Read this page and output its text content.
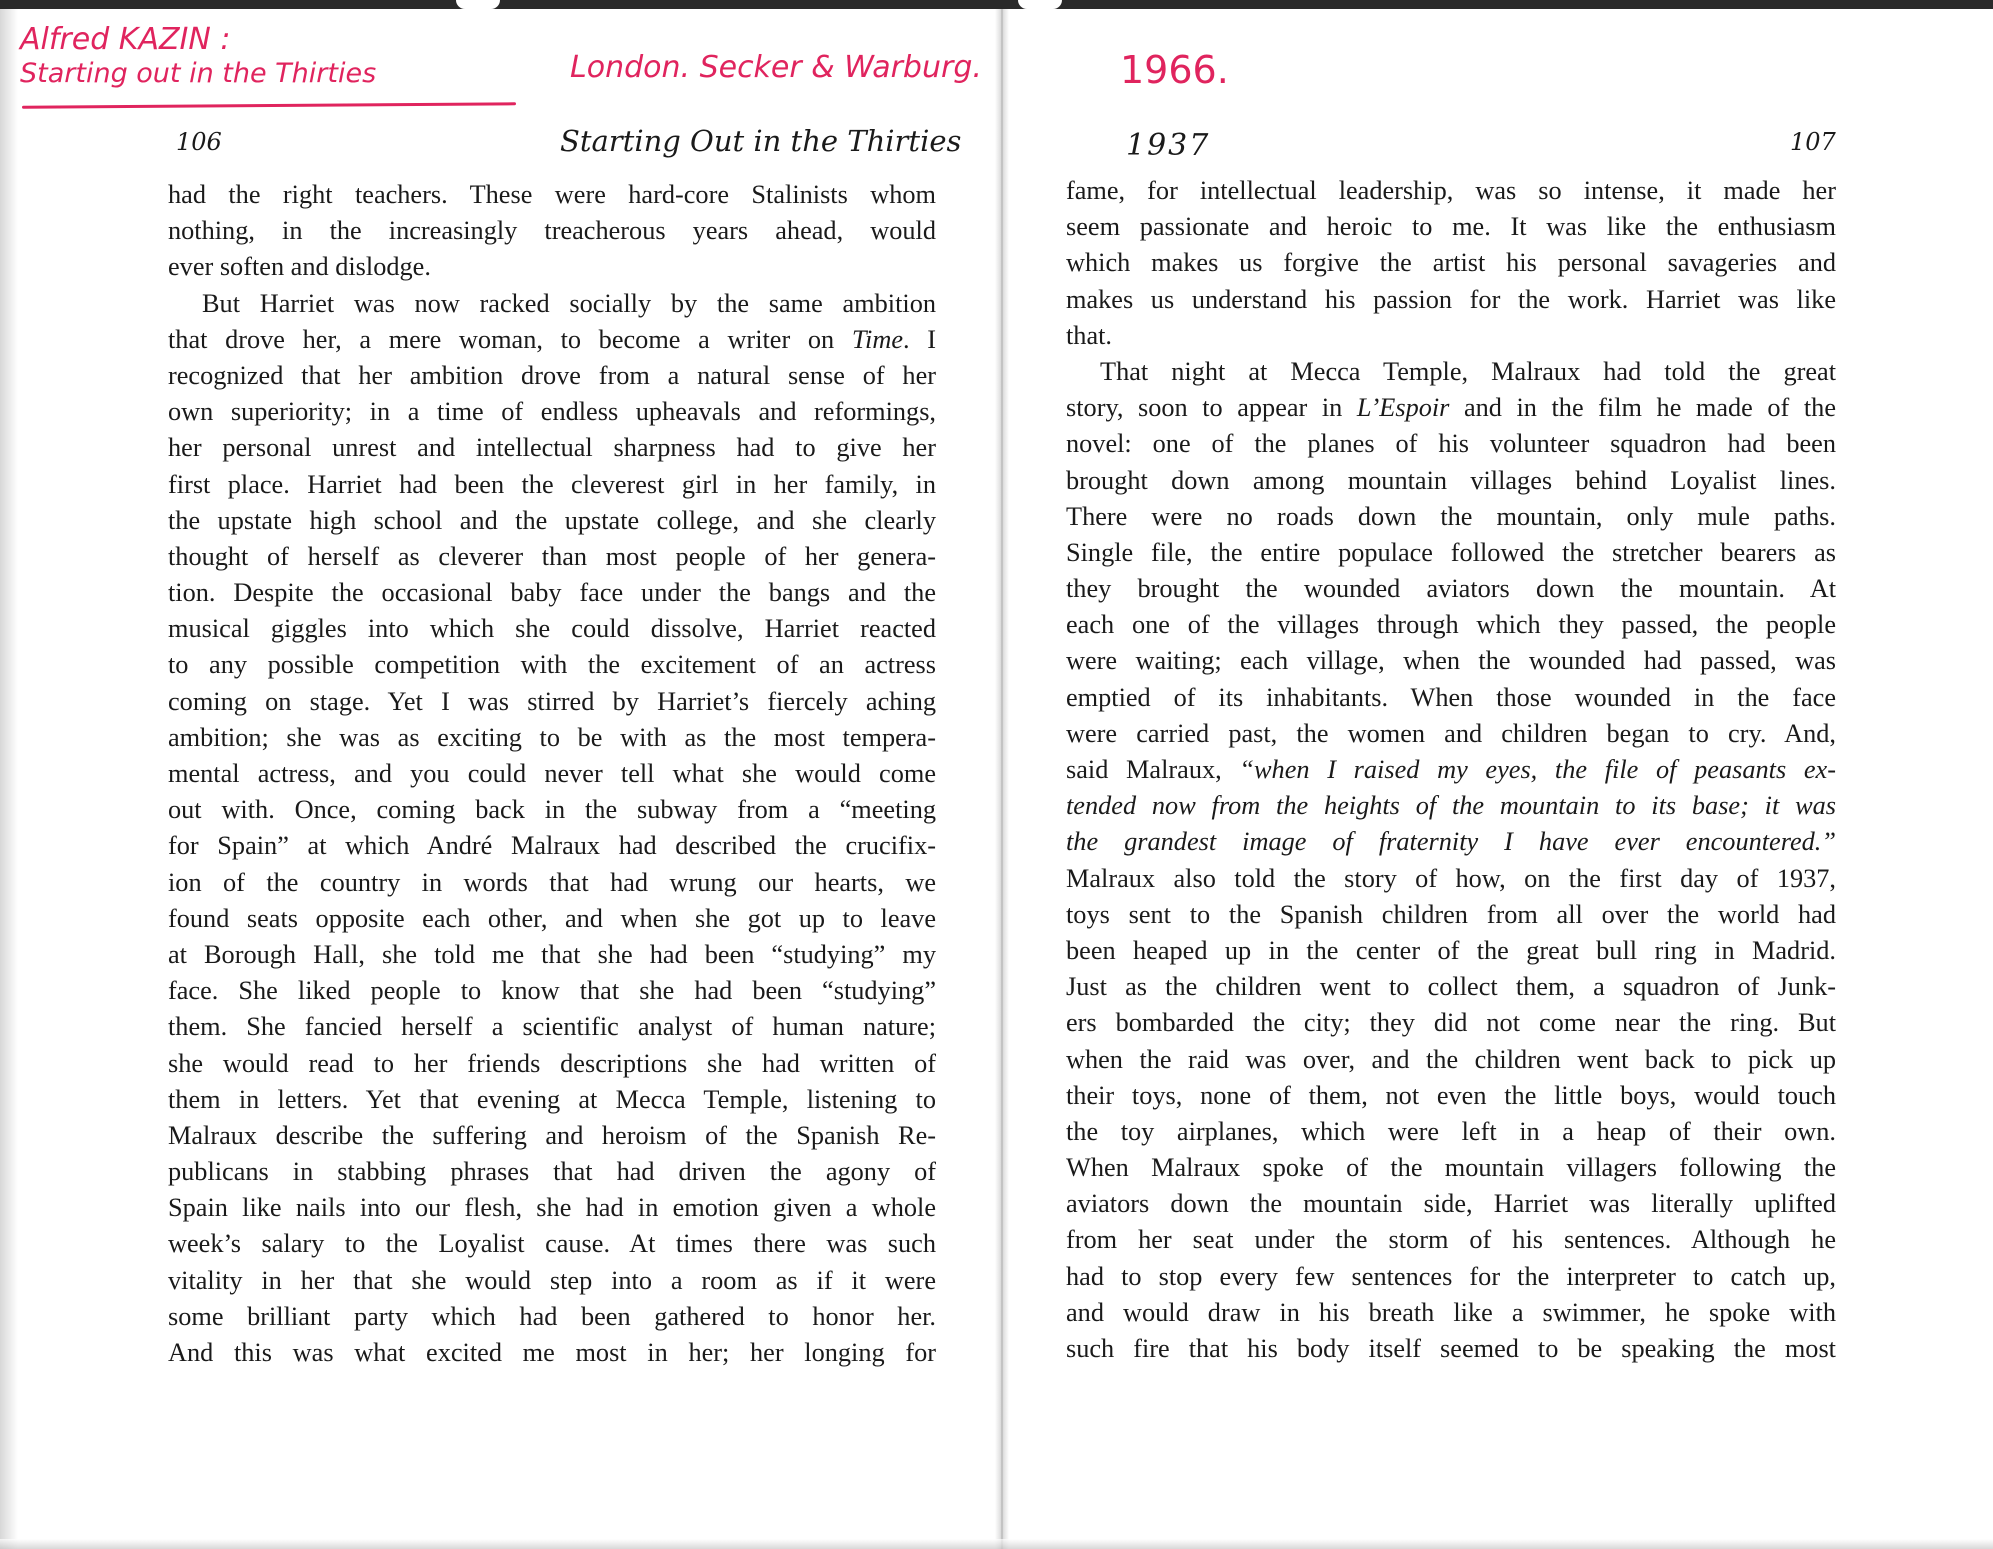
Alfred KAZIN :
Starting out in the Thirties	London. Secker & Warburg.	1966.
106	Starting Out in the Thirties	1937	107
had the right teachers. These were hard-core Stalinists whom
nothing, in the increasingly treacherous years ahead, would
ever soften and dislodge.
But Harriet was now racked socially by the same ambition
that drove her, a mere woman, to become a writer on Time. I
recognized that her ambition drove from a natural sense of her
own superiority; in a time of endless upheavals and reformings,
her personal unrest and intellectual sharpness had to give her
first place. Harriet had been the cleverest girl in her family, in
the upstate high school and the upstate college, and she clearly
thought of herself as cleverer than most people of her genera-
tion. Despite the occasional baby face under the bangs and the
musical giggles into which she could dissolve, Harriet reacted
to any possible competition with the excitement of an actress
coming on stage. Yet I was stirred by Harriet’s fiercely aching
ambition; she was as exciting to be with as the most tempera-
mental actress, and you could never tell what she would come
out with. Once, coming back in the subway from a “meeting
for Spain” at which André Malraux had described the crucifix-
ion of the country in words that had wrung our hearts, we
found seats opposite each other, and when she got up to leave
at Borough Hall, she told me that she had been “studying” my
face. She liked people to know that she had been “studying”
them. She fancied herself a scientific analyst of human nature;
she would read to her friends descriptions she had written of
them in letters. Yet that evening at Mecca Temple, listening to
Malraux describe the suffering and heroism of the Spanish Re-
publicans in stabbing phrases that had driven the agony of
Spain like nails into our flesh, she had in emotion given a whole
week’s salary to the Loyalist cause. At times there was such
vitality in her that she would step into a room as if it were
some brilliant party which had been gathered to honor her.
And this was what excited me most in her; her longing for
fame, for intellectual leadership, was so intense, it made her
seem passionate and heroic to me. It was like the enthusiasm
which makes us forgive the artist his personal savageries and
makes us understand his passion for the work. Harriet was like
that.
That night at Mecca Temple, Malraux had told the great
story, soon to appear in L’Espoir and in the film he made of the
novel: one of the planes of his volunteer squadron had been
brought down among mountain villages behind Loyalist lines.
There were no roads down the mountain, only mule paths.
Single file, the entire populace followed the stretcher bearers as
they brought the wounded aviators down the mountain. At
each one of the villages through which they passed, the people
were waiting; each village, when the wounded had passed, was
emptied of its inhabitants. When those wounded in the face
were carried past, the women and children began to cry. And,
said Malraux, “when I raised my eyes, the file of peasants ex-
tended now from the heights of the mountain to its base; it was
the grandest image of fraternity I have ever encountered.”
Malraux also told the story of how, on the first day of 1937,
toys sent to the Spanish children from all over the world had
been heaped up in the center of the great bull ring in Madrid.
Just as the children went to collect them, a squadron of Junk-
ers bombarded the city; they did not come near the ring. But
when the raid was over, and the children went back to pick up
their toys, none of them, not even the little boys, would touch
the toy airplanes, which were left in a heap of their own.
When Malraux spoke of the mountain villagers following the
aviators down the mountain side, Harriet was literally uplifted
from her seat under the storm of his sentences. Although he
had to stop every few sentences for the interpreter to catch up,
and would draw in his breath like a swimmer, he spoke with
such fire that his body itself seemed to be speaking the most
